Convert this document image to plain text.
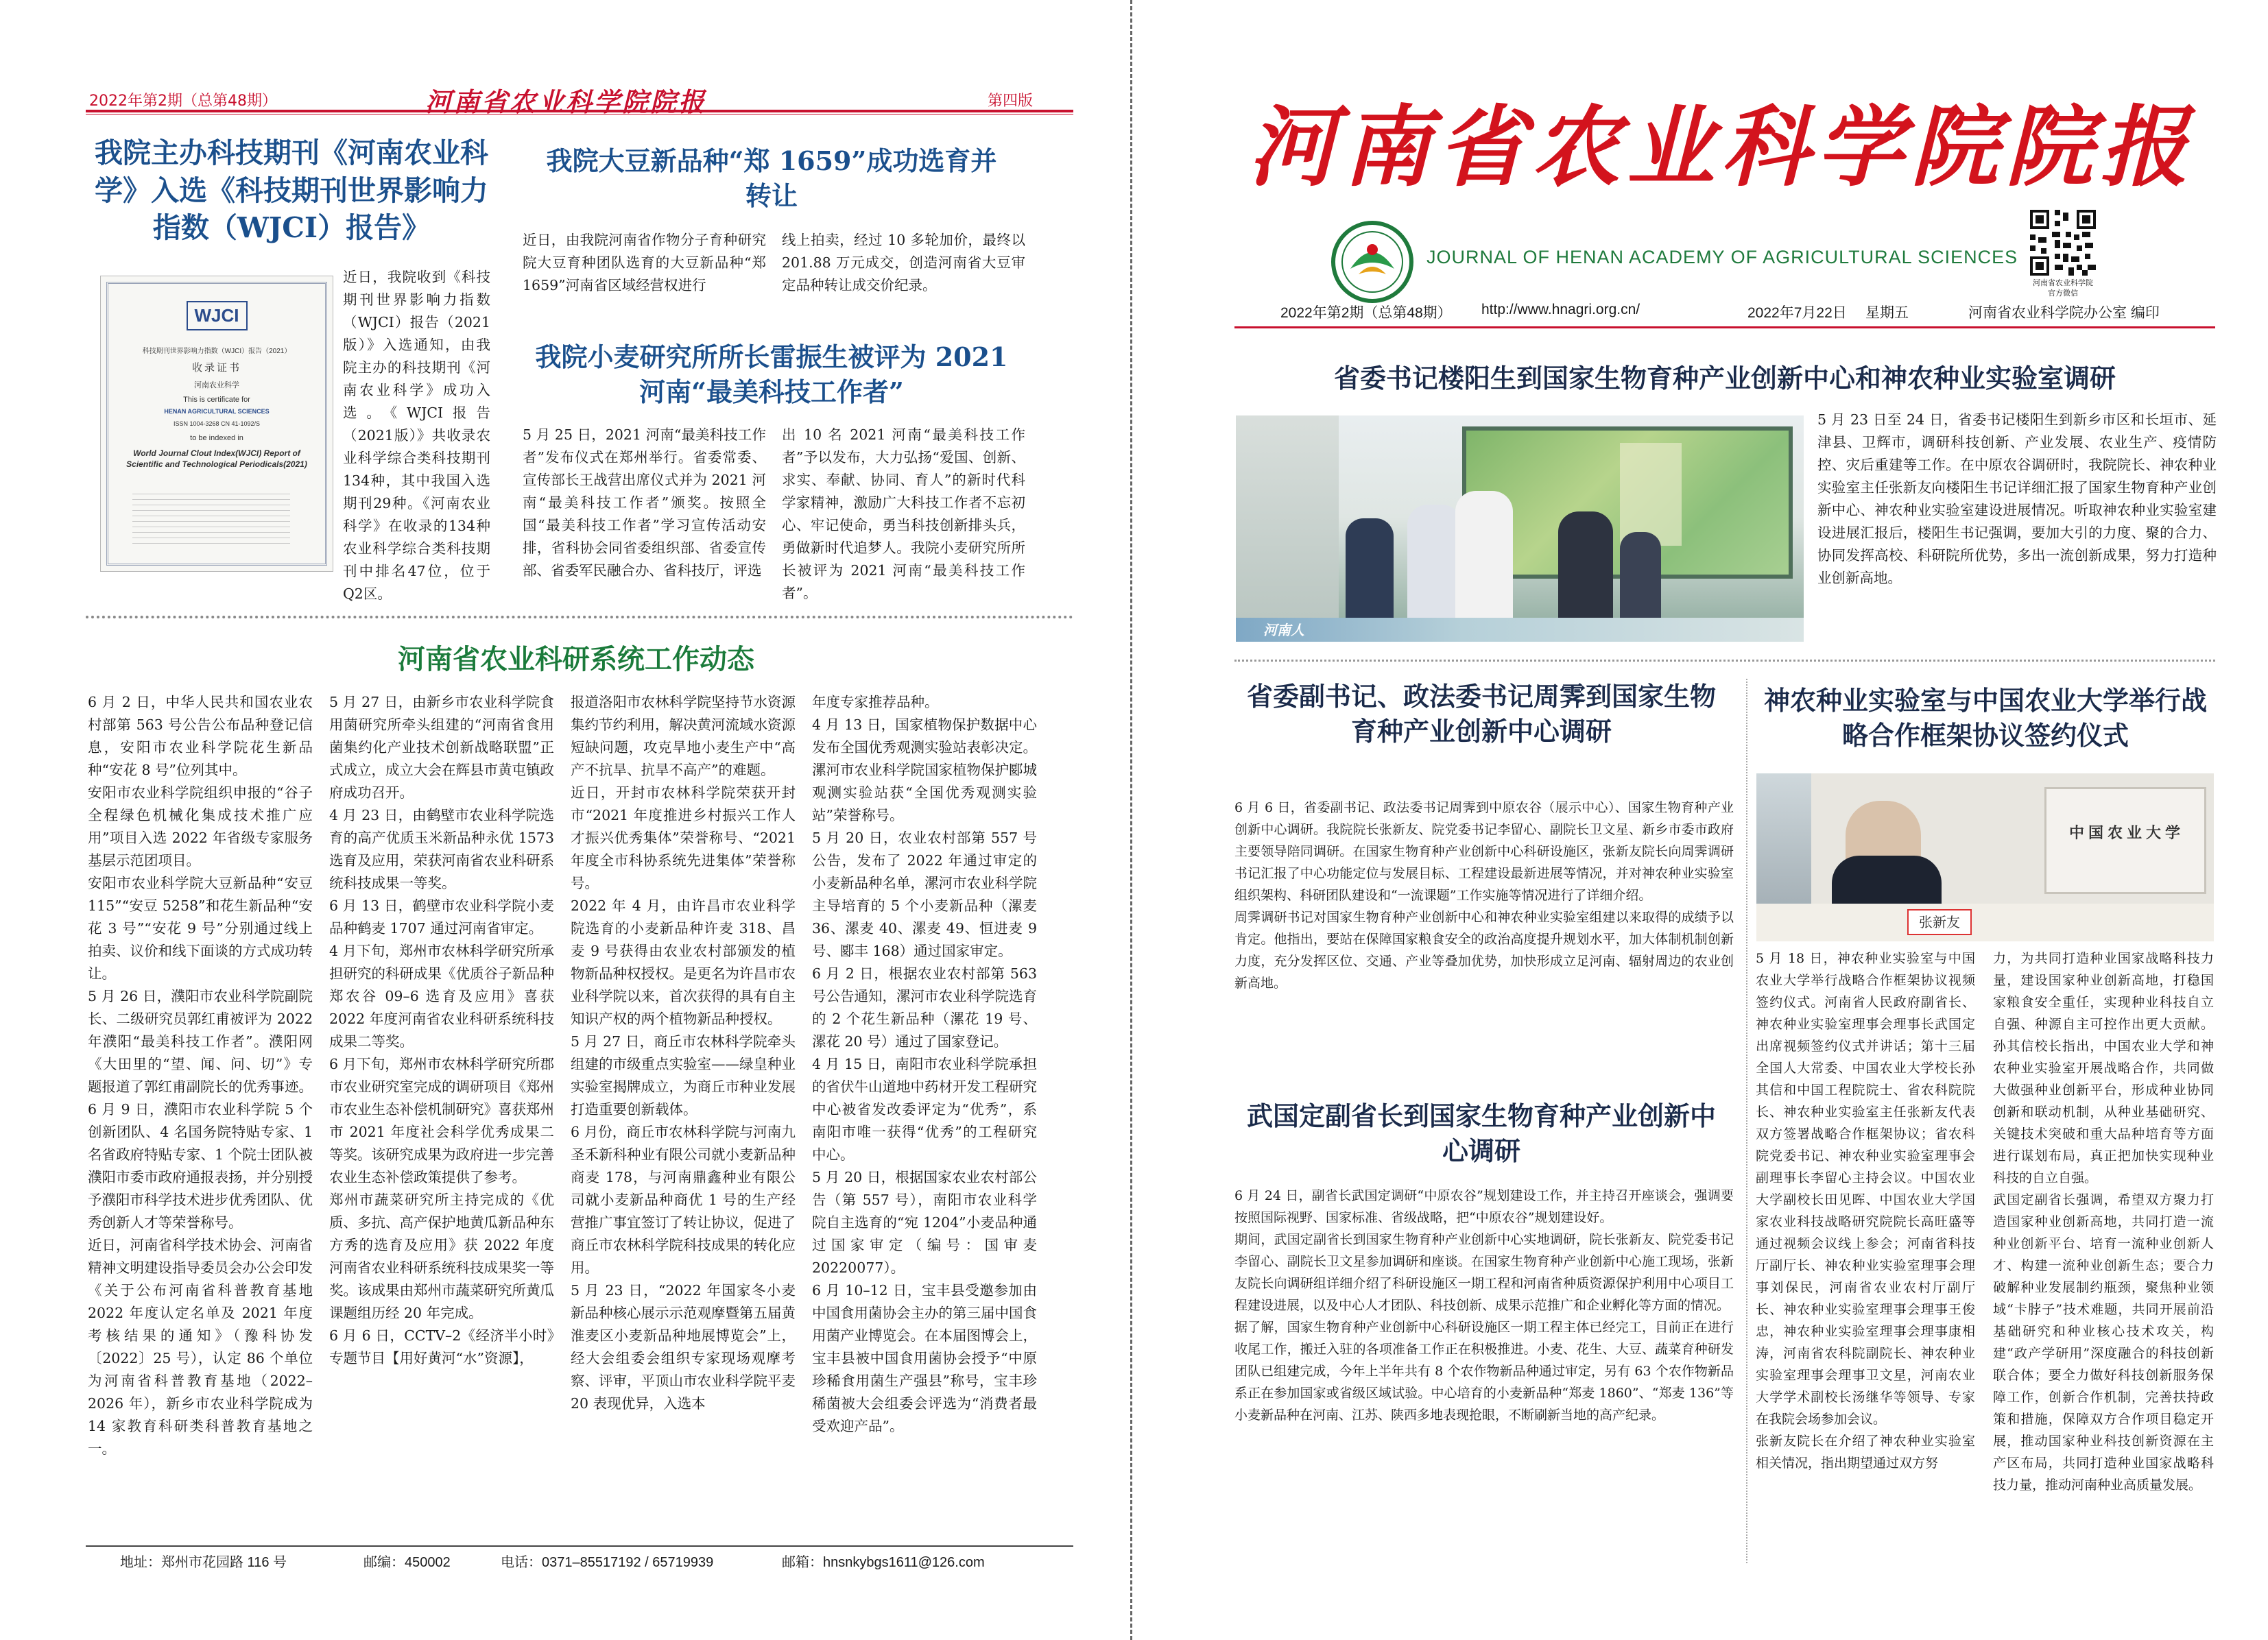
2022年第2期（总第48期）	河南省农业科学院院报	第四版
我院主办科技期刊《河南农业科学》入选《科技期刊世界影响力指数（WJCI）报告》
WJCI
科技期刊世界影响力指数（WJCI）报告（2021）
收录证书
河南农业科学
This is certificate for
HENAN AGRICULTURAL SCIENCES
ISSN 1004-3268 CN 41-1092/S
to be indexed in
World Journal Clout Index(WJCI) Report of Scientific and Technological Periodicals(2021)
近日，我院收到《科技期刊世界影响力指数（WJCI）报告（2021版）》入选通知，由我院主办的科技期刊《河南农业科学》成功入选。《WJCI报告（2021版）》共收录农业科学综合类科技期刊134种，其中我国入选期刊29种。《河南农业科学》在收录的134种农业科学综合类科技期刊中排名47位，位于Q2区。
我院大豆新品种“郑 1659”成功选育并转让
近日，由我院河南省作物分子育种研究院大豆育种团队选育的大豆新品种“郑 1659”河南省区域经营权进行
线上拍卖，经过 10 多轮加价，最终以 201.88 万元成交，创造河南省大豆审定品种转让成交价纪录。
我院小麦研究所所长雷振生被评为 2021 河南“最美科技工作者”
5 月 25 日，2021 河南“最美科技工作者”发布仪式在郑州举行。省委常委、宣传部长王战营出席仪式并为 2021 河南“最美科技工作者”颁奖。按照全国“最美科技工作者”学习宣传活动安排，省科协会同省委组织部、省委宣传部、省委军民融合办、省科技厅，评选
出 10 名 2021 河南“最美科技工作者”予以发布，大力弘扬“爱国、创新、求实、奉献、协同、育人”的新时代科学家精神，激励广大科技工作者不忘初心、牢记使命，勇当科技创新排头兵，勇做新时代追梦人。我院小麦研究所所长被评为 2021 河南“最美科技工作者”。
河南省农业科研系统工作动态
6 月 2 日，中华人民共和国农业农村部第 563 号公告公布品种登记信息，安阳市农业科学院花生新品种“安花 8 号”位列其中。
安阳市农业科学院组织申报的“谷子全程绿色机械化集成技术推广应用”项目入选 2022 年省级专家服务基层示范团项目。
安阳市农业科学院大豆新品种“安豆 115”“安豆 5258”和花生新品种“安花 3 号”“安花 9 号”分别通过线上拍卖、议价和线下面谈的方式成功转让。
5 月 26 日，濮阳市农业科学院副院长、二级研究员郭红甫被评为 2022 年濮阳“最美科技工作者”。濮阳网《大田里的“望、闻、问、切”》专题报道了郭红甫副院长的优秀事迹。
6 月 9 日，濮阳市农业科学院 5 个创新团队、4 名国务院特贴专家、1 名省政府特贴专家、1 个院士团队被濮阳市委市政府通报表扬，并分别授予濮阳市科学技术进步优秀团队、优秀创新人才等荣誉称号。
近日，河南省科学技术协会、河南省精神文明建设指导委员会办公会印发《关于公布河南省科普教育基地 2022 年度认定名单及 2021 年度考核结果的通知》（豫科协发〔2022〕25 号），认定 86 个单位为河南省科普教育基地（2022–2026 年），新乡市农业科学院成为 14 家教育科研类科普教育基地之一。
5 月 27 日，由新乡市农业科学院食用菌研究所牵头组建的“河南省食用菌集约化产业技术创新战略联盟”正式成立，成立大会在辉县市黄屯镇政府成功召开。
4 月 23 日，由鹤壁市农业科学院选育的高产优质玉米新品种永优 1573 选育及应用，荣获河南省农业科研系统科技成果一等奖。
6 月 13 日，鹤壁市农业科学院小麦品种鹤麦 1707 通过河南省审定。
4 月下旬，郑州市农林科学研究所承担研究的科研成果《优质谷子新品种郑农谷 09–6 选育及应用》喜获 2022 年度河南省农业科研系统科技成果二等奖。
6 月下旬，郑州市农林科学研究所郡市农业研究室完成的调研项目《郑州市农业生态补偿机制研究》喜获郑州市 2021 年度社会科学优秀成果二等奖。该研究成果为政府进一步完善农业生态补偿政策提供了参考。
郑州市蔬菜研究所主持完成的《优质、多抗、高产保护地黄瓜新品种东方秀的选育及应用》获 2022 年度河南省农业科研系统科技成果奖一等奖。该成果由郑州市蔬菜研究所黄瓜课题组历经 20 年完成。
6 月 6 日，CCTV–2《经济半小时》专题节目【用好黄河“水”资源】，
报道洛阳市农林科学院坚持节水资源集约节约利用，解决黄河流域水资源短缺问题，攻克旱地小麦生产中“高产不抗旱、抗旱不高产”的难题。
近日，开封市农林科学院荣获开封市“2021 年度推进乡村振兴工作人才振兴优秀集体”荣誉称号、“2021 年度全市科协系统先进集体”荣誉称号。
2022 年 4 月，由许昌市农业科学院选育的小麦新品种许麦 318、昌麦 9 号获得由农业农村部颁发的植物新品种权授权。是更名为许昌市农业科学院以来，首次获得的具有自主知识产权的两个植物新品种授权。
5 月 27 日，商丘市农林科学院牵头组建的市级重点实验室——绿皇种业实验室揭牌成立，为商丘市种业发展打造重要创新载体。
6 月份，商丘市农林科学院与河南九圣禾新科种业有限公司就小麦新品种商麦 178，与河南鼎鑫种业有限公司就小麦新品种商优 1 号的生产经营推广事宜签订了转让协议，促进了商丘市农林科学院科技成果的转化应用。
5 月 23 日，“2022 年国家冬小麦新品种核心展示示范观摩暨第五届黄淮麦区小麦新品种地展博览会”上，经大会组委会组织专家现场观摩考察、评审，平顶山市农业科学院平麦 20 表现优异，入选本
年度专家推荐品种。
4 月 13 日，国家植物保护数据中心发布全国优秀观测实验站表彰决定。漯河市农业科学院国家植物保护郾城观测实验站获“全国优秀观测实验站”荣誉称号。
5 月 20 日，农业农村部第 557 号公告，发布了 2022 年通过审定的小麦新品种名单，漯河市农业科学院主导培育的 5 个小麦新品种（漯麦 36、漯麦 40、漯麦 49、恒进麦 9 号、郾丰 168）通过国家审定。
6 月 2 日，根据农业农村部第 563 号公告通知，漯河市农业科学院选育的 2 个花生新品种（漯花 19 号、漯花 20 号）通过了国家登记。
4 月 15 日，南阳市农业科学院承担的省伏牛山道地中药材开发工程研究中心被省发改委评定为“优秀”，系南阳市唯一获得“优秀”的工程研究中心。
5 月 20 日，根据国家农业农村部公告（第 557 号），南阳市农业科学院自主选育的“宛 1204”小麦品种通过国家审定（编号：国审麦 20220077）。
6 月 10–12 日，宝丰县受邀参加由中国食用菌协会主办的第三届中国食用菌产业博览会。在本届图博会上，宝丰县被中国食用菌协会授予“中原珍稀食用菌生产强县”称号，宝丰珍稀菌被大会组委会评选为“消费者最受欢迎产品”。
地址：郑州市花园路 116 号	邮编：450002	电话：0371–85517192 / 65719939	邮箱：hnsnkybgs1611@126.com
河南省农业科学院院报
JOURNAL OF HENAN ACADEMY OF AGRICULTURAL SCIENCES
河南省农业科学院
官方微信
2022年第2期（总第48期） http://www.hnagri.org.cn/	2022年7月22日 星期五	河南省农业科学院办公室 编印
省委书记楼阳生到国家生物育种产业创新中心和神农种业实验室调研
河南人
5 月 23 日至 24 日，省委书记楼阳生到新乡市区和长垣市、延津县、卫辉市，调研科技创新、产业发展、农业生产、疫情防控、灾后重建等工作。在中原农谷调研时，我院院长、神农种业实验室主任张新友向楼阳生书记详细汇报了国家生物育种产业创新中心、神农种业实验室建设进展情况。听取神农种业实验室建设进展汇报后，楼阳生书记强调，要加大引的力度、聚的合力、协同发挥高校、科研院所优势，多出一流创新成果，努力打造种业创新高地。
省委副书记、政法委书记周霁到国家生物育种产业创新中心调研
6 月 6 日，省委副书记、政法委书记周霁到中原农谷（展示中心）、国家生物育种产业创新中心调研。我院院长张新友、院党委书记李留心、副院长卫文星、新乡市委市政府主要领导陪同调研。在国家生物育种产业创新中心科研设施区，张新友院长向周霁调研书记汇报了中心功能定位与发展目标、工程建设最新进展等情况，并对神农种业实验室组织架构、科研团队建设和“一流课题”工作实施等情况进行了详细介绍。
周霁调研书记对国家生物育种产业创新中心和神农种业实验室组建以来取得的成绩予以肯定。他指出，要站在保障国家粮食安全的政治高度提升规划水平，加大体制机制创新力度，充分发挥区位、交通、产业等叠加优势，加快形成立足河南、辐射周边的农业创新高地。
武国定副省长到国家生物育种产业创新中心调研
6 月 24 日，副省长武国定调研“中原农谷”规划建设工作，并主持召开座谈会，强调要按照国际视野、国家标准、省级战略，把“中原农谷”规划建设好。
期间，武国定副省长到国家生物育种产业创新中心实地调研，院长张新友、院党委书记李留心、副院长卫文星参加调研和座谈。在国家生物育种产业创新中心施工现场，张新友院长向调研组详细介绍了科研设施区一期工程和河南省种质资源保护利用中心项目工程建设进展，以及中心人才团队、科技创新、成果示范推广和企业孵化等方面的情况。
据了解，国家生物育种产业创新中心科研设施区一期工程主体已经完工，目前正在进行收尾工作，搬迁入驻的各项准备工作正在积极推进。小麦、花生、大豆、蔬菜育种研发团队已组建完成，今年上半年共有 8 个农作物新品种通过审定，另有 63 个农作物新品系正在参加国家或省级区域试验。中心培育的小麦新品种“郑麦 1860”、“郑麦 136”等小麦新品种在河南、江苏、陕西多地表现抢眼，不断刷新当地的高产纪录。
神农种业实验室与中国农业大学举行战略合作框架协议签约仪式
中国农业大学
张新友
5 月 18 日，神农种业实验室与中国农业大学举行战略合作框架协议视频签约仪式。河南省人民政府副省长、神农种业实验室理事会理事长武国定出席视频签约仪式并讲话；第十三届全国人大常委、中国农业大学校长孙其信和中国工程院院士、省农科院院长、神农种业实验室主任张新友代表双方签署战略合作框架协议；省农科院党委书记、神农种业实验室理事会副理事长李留心主持会议。中国农业大学副校长田见晖、中国农业大学国家农业科技战略研究院院长高旺盛等通过视频会议线上参会；河南省科技厅副厅长、神农种业实验室理事会理事刘保民，河南省农业农村厅副厅长、神农种业实验室理事会理事王俊忠，神农种业实验室理事会理事康相涛，河南省农科院副院长、神农种业实验室理事会理事卫文星，河南农业大学学术副校长汤继华等领导、专家在我院会场参加会议。
张新友院长在介绍了神农种业实验室相关情况，指出期望通过双方努
力，为共同打造种业国家战略科技力量，建设国家种业创新高地，打稳国家粮食安全重任，实现种业科技自立自强、种源自主可控作出更大贡献。孙其信校长指出，中国农业大学和神农种业实验室开展战略合作，共同做大做强种业创新平台，形成种业协同创新和联动机制，从种业基础研究、关键技术突破和重大品种培育等方面进行谋划布局，真正把加快实现种业科技的自立自强。
武国定副省长强调，希望双方聚力打造国家种业创新高地，共同打造一流种业创新平台、培育一流种业创新人才、构建一流种业创新生态；要合力破解种业发展制约瓶颈，聚焦种业领域“卡脖子”技术难题，共同开展前沿基础研究和种业核心技术攻关，构建“政产学研用”深度融合的科技创新联合体；要全力做好科技创新服务保障工作，创新合作机制，完善扶持政策和措施，保障双方合作项目稳定开展，推动国家种业科技创新资源在主产区布局，共同打造种业国家战略科技力量，推动河南种业高质量发展。
